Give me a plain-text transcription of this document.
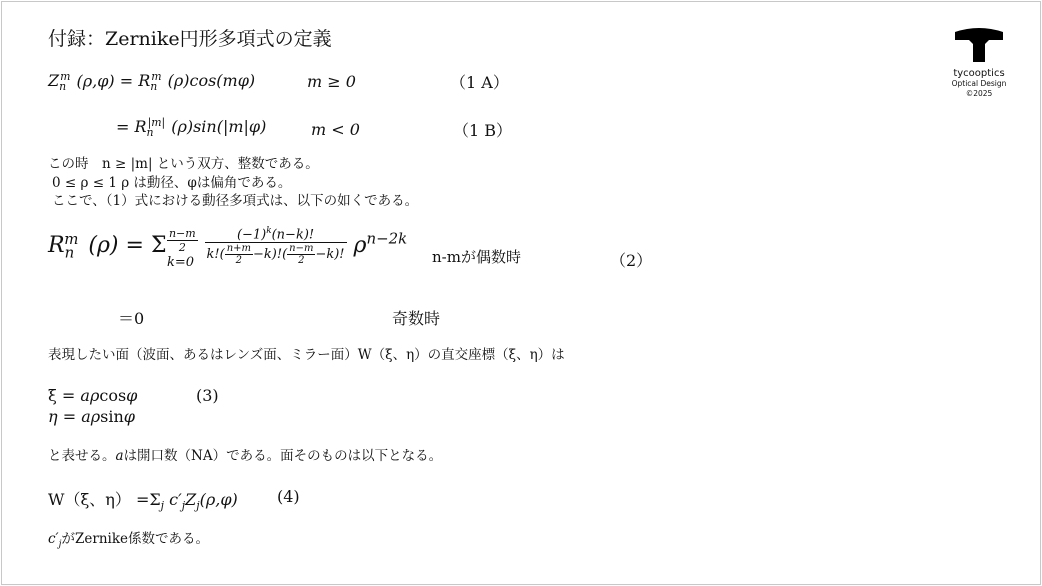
付録：Zernike円形多項式の定義
tycooptics
Optical Design
©2025
$Z_n^m$ $(\rho,\varphi) = R_n^m$ (ρ)cos(mφ)	m ≥ 0	（1 A）
= $R_n^{|m|}$ (ρ)sin(|m|φ)	m < 0	（1 B）
この時　n ≥ |m| という双方、整数である。
0 ≤ ρ ≤ 1 ρ は動径、φは偏角である。
ここで、（1）式における動径多項式は、以下の如くである。
$R_n^m$ (ρ) = Σ $\frac{n-m}{2}$
k=0
$\frac{(-1)^k(n-k)!}{k!( \frac{n+m}{2} -k)!( \frac{n-m}{2} -k)!} \rho^{n-2k}$
n-mが偶数時	（2）
＝0	奇数時
表現したい面（波面、あるはレンズ面、ミラー面）W（ξ、η）の直交座標（ξ、η）は
ξ = aρcosφ
η = aρsinφ
(3)
と表せる。aは開口数（NA）である。面そのものは以下となる。
W（ξ、$\eta) =\Sigma_j$ $c'_jZ_j(\rho,\varphi)$ (4)
$c'_j$がZernike係数である。
